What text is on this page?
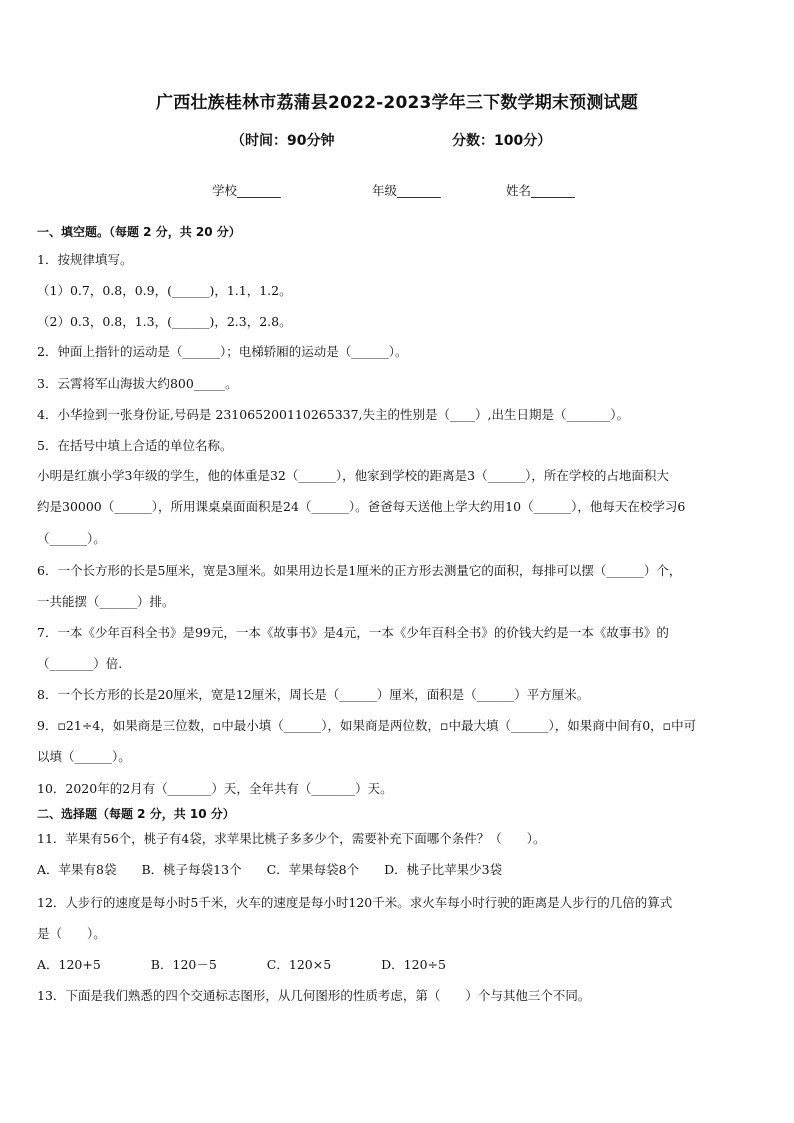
广西壮族桂林市荔蒲县2022-2023学年三下数学期末预测试题
（时间：90分钟	分数：100分）
学校_______	年级_______	姓名_______
一、填空题。（每题 2 分，共 20 分）
1．按规律填写。
（1）0.7，0.8，0.9，(______)，1.1，1.2。
（2）0.3，0.8，1.3，(______)，2.3，2.8。
2．钟面上指针的运动是（______）；电梯轿厢的运动是（______）。
3．云霄将军山海拔大约800_____。
4．小华捡到一张身份证,号码是 231065200110265337,失主的性别是（____）,出生日期是（_______）。
5．在括号中填上合适的单位名称。
小明是红旗小学3年级的学生，他的体重是32（______），他家到学校的距离是3（______），所在学校的占地面积大
约是30000（______），所用课桌桌面面积是24（______）。爸爸每天送他上学大约用10（______），他每天在校学习6
（______）。
6．一个长方形的长是5厘米，宽是3厘米。如果用边长是1厘米的正方形去测量它的面积，每排可以摆（______）个，
一共能摆（______）排。
7．一本《少年百科全书》是99元，一本《故事书》是4元，一本《少年百科全书》的价钱大约是一本《故事书》的
（_______）倍.
8．一个长方形的长是20厘米，宽是12厘米，周长是（______）厘米，面积是（______）平方厘米。
9．▫21÷4，如果商是三位数，▫中最小填（______），如果商是两位数，▫中最大填（______），如果商中间有0，▫中可
以填（______）。
10．2020年的2月有（_______）天，全年共有（_______）天。
二、选择题（每题 2 分，共 10 分）
11．苹果有56个，桃子有4袋，求苹果比桃子多多少个，需要补充下面哪个条件？（　　）。
A．苹果有8袋　　B．桃子每袋13个　　C．苹果每袋8个　　D．桃子比苹果少3袋
12．人步行的速度是每小时5千米，火车的速度是每小时120千米。求火车每小时行驶的距离是人步行的几倍的算式
是（　　）。
A．120+5　　　　B．120－5　　　　C．120×5　　　　D．120÷5
13．下面是我们熟悉的四个交通标志图形，从几何图形的性质考虑，第（　　）个与其他三个不同。
